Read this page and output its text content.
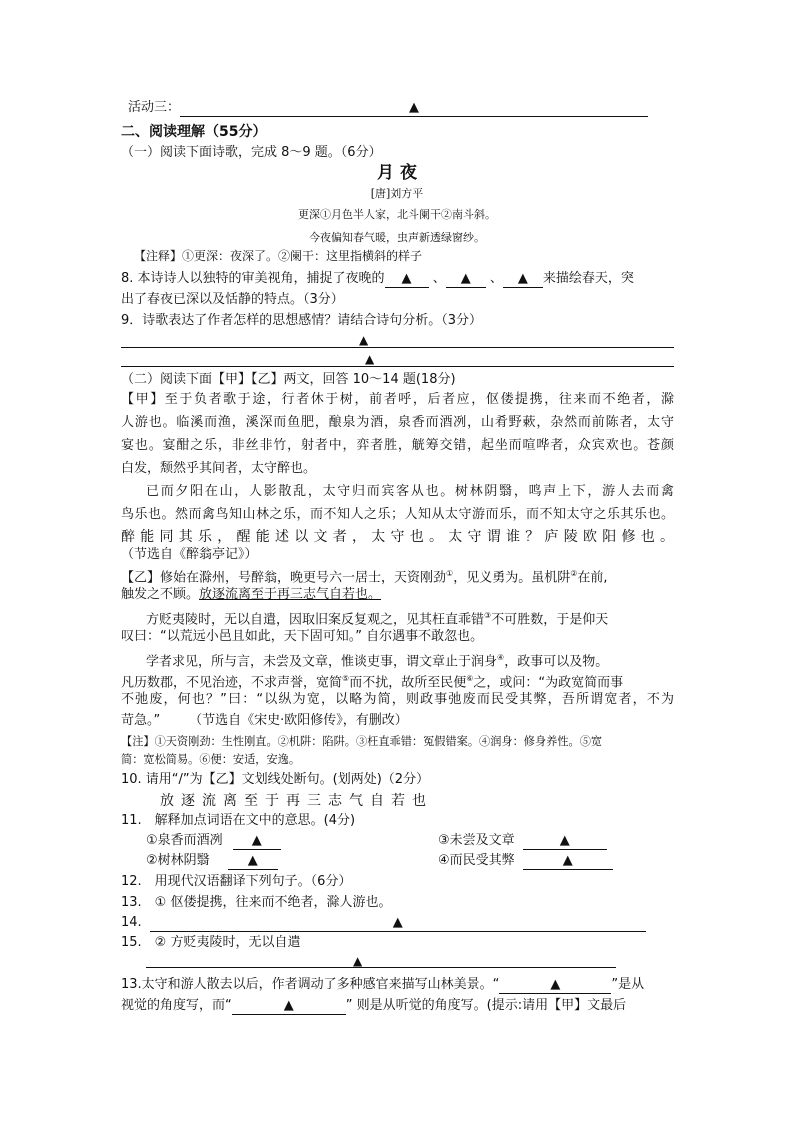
活动三：	▲
二、阅读理解（55分）
（一）阅读下面诗歌，完成 8～9 题。（6分）
月 夜
[唐]刘方平
更深①月色半人家，北斗阑干②南斗斜。
今夜偏知春气暖，虫声新透绿窗纱。
【注释】①更深：夜深了。②阑干：这里指横斜的样子
8. 本诗诗人以独特的审美视角，捕捉了夜晚的 ▲ 、 ▲ 、 ▲ 来描绘春天，突
出了春夜已深以及恬静的特点。（3分）
9．诗歌表达了作者怎样的思想感情？请结合诗句分析。（3分）
▲
▲
（二）阅读下面【甲】【乙】两文，回答 10～14 题(18分)
【甲】至于负者歌于途，行者休于树，前者呼，后者应，伛偻提携，往来而不绝者，滁
人游也。临溪而渔，溪深而鱼肥，酿泉为酒，泉香而酒冽，山肴野蔌，杂然而前陈者，太守
宴也。宴酣之乐，非丝非竹，射者中，弈者胜，觥筹交错，起坐而喧哗者，众宾欢也。苍颜
白发，颓然乎其间者，太守醉也。
已而夕阳在山，人影散乱，太守归而宾客从也。树林阴翳，鸣声上下，游人去而禽
鸟乐也。然而禽鸟知山林之乐，而不知人之乐；人知从太守游而乐，而不知太守之乐其乐也。
醉能同其乐，醒能述以文者，太守也。太守谓谁？庐陵欧阳修也。
（节选自《醉翁亭记》）
【乙】修始在滁州，号醉翁，晚更号六一居士，天资刚劲①，见义勇为。虽机阱②在前,
触发之不顾。放逐流离至于再三志气自若也。
方贬夷陵时，无以自遣，因取旧案反复观之，见其枉直乖错③不可胜数，于是仰天
叹曰：“以荒远小邑且如此，天下固可知。” 自尔遇事不敢忽也。
学者求见，所与言，未尝及文章，惟谈吏事，谓文章止于润身④，政事可以及物。
凡历数郡，不见治迹，不求声誉，宽简⑤而不扰，故所至民便⑥之，或问：“为政宽简而事
不弛废，何也？”曰：“以纵为宽，以略为简，则政事弛废而民受其弊，吾所谓宽者，不为
苛急。”       （节选自《宋史·欧阳修传》，有删改）
【注】①天资刚劲：生性刚直。②机阱：陷阱。③枉直乖错：冤假错案。④润身：修身养性。⑤宽
简：宽松简易。⑥便：安适，安逸。
10. 请用“/”为【乙】文划线处断句。(划两处)（2分）
放逐流离至于再三志气自若也
11.　解释加点词语在文中的意思。(4分)
①泉香而酒冽 ▲	③未尝及文章	▲
②树林阴翳	▲	④而民受其弊	▲
12.　用现代汉语翻译下列句子。（6分）
13.　① 伛偻提携，往来而不绝者，滁人游也。
14.	▲
15.　② 方贬夷陵时，无以自遣
▲
13.太守和游人散去以后，作者调动了多种感官来描写山林美景。“	▲	”是从
视觉的角度写，而“	▲	” 则是从听觉的角度写。(提示:请用【甲】文最后
